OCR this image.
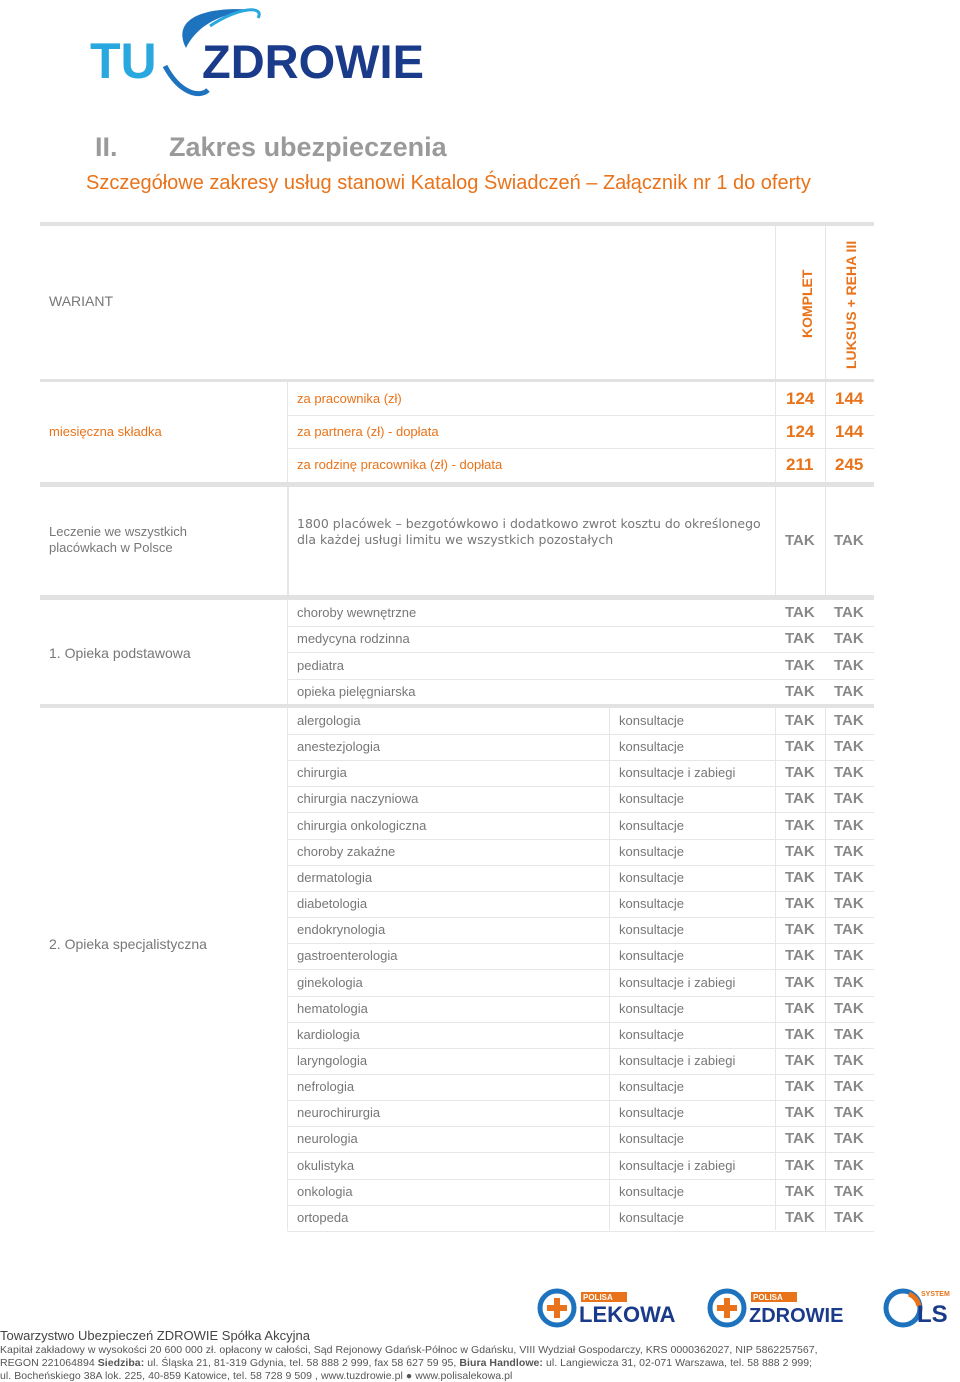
TU ZDROWIE
II. Zakres ubezpieczenia
Szczegółowe zakresy usług stanowi Katalog Świadczeń – Załącznik nr 1 do oferty
WARIANT	KOMPLET LUKSUS + REHA III
miesięczna składka
za pracownika (zł)	124 144
za partnera (zł) - dopłata	124 144
za rodzinę pracownika (zł) - dopłata	211 245
Leczenie we wszystkich placówkach w Polsce
1800 placówek – bezgotówkowo i dodatkowo zwrot kosztu do określonego dla każdej usługi limitu we wszystkich pozostałych	TAK TAK
1. Opieka podstawowa
choroby wewnętrzne	TAK TAK
medycyna rodzinna	TAK TAK
pediatra	TAK TAK
opieka pielęgniarska	TAK TAK
2. Opieka specjalistyczna
alergologia	konsultacje	TAK TAK
anestezjologia	konsultacje	TAK TAK
chirurgia	konsultacje i zabiegi	TAK TAK
chirurgia naczyniowa	konsultacje	TAK TAK
chirurgia onkologiczna	konsultacje	TAK TAK
choroby zakaźne	konsultacje	TAK TAK
dermatologia	konsultacje	TAK TAK
diabetologia	konsultacje	TAK TAK
endokrynologia	konsultacje	TAK TAK
gastroenterologia	konsultacje	TAK TAK
ginekologia	konsultacje i zabiegi	TAK TAK
hematologia	konsultacje	TAK TAK
kardiologia	konsultacje	TAK TAK
laryngologia	konsultacje i zabiegi	TAK TAK
nefrologia	konsultacje	TAK TAK
neurochirurgia	konsultacje	TAK TAK
neurologia	konsultacje	TAK TAK
okulistyka	konsultacje i zabiegi	TAK TAK
onkologia	konsultacje	TAK TAK
ortopeda	konsultacje	TAK TAK
POLISA
LEKOWA
POLISA
ZDROWIE
SYSTEM
LS
Towarzystwo Ubezpieczeń ZDROWIE Spółka Akcyjna
Kapitał zakładowy w wysokości 20 600 000 zł. opłacony w całości, Sąd Rejonowy Gdańsk-Północ w Gdańsku, VIII Wydział Gospodarczy, KRS 0000362027, NIP 5862257567,
REGON 221064894 Siedziba: ul. Śląska 21, 81-319 Gdynia, tel. 58 888 2 999, fax 58 627 59 95, Biura Handlowe: ul. Langiewicza 31, 02-071 Warszawa, tel. 58 888 2 999;
ul. Bocheńskiego 38A lok. 225, 40-859 Katowice, tel. 58 728 9 509 , www.tuzdrowie.pl ● www.polisalekowa.pl
